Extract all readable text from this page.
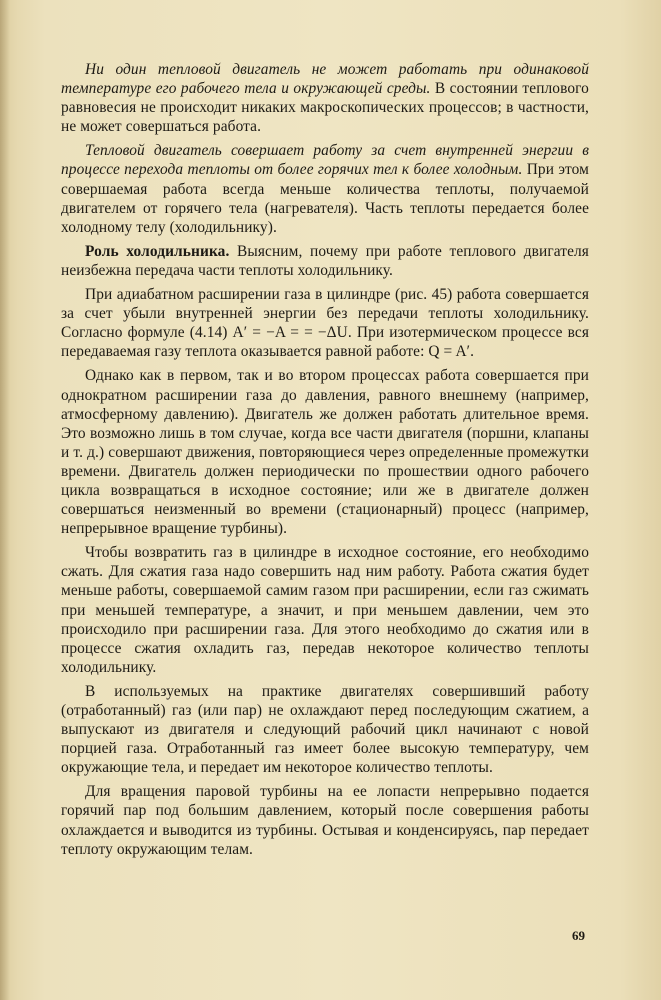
Ни один тепловой двигатель не может работать при одинаковой температуре его рабочего тела и окружающей среды. В состоянии теплового равновесия не происходит никаких макроскопических процессов; в частности, не может совершаться работа.

Тепловой двигатель совершает работу за счет внутренней энергии в процессе перехода теплоты от более горячих тел к более холодным. При этом совершаемая работа всегда меньше количества теплоты, получаемой двигателем от горячего тела (нагревателя). Часть теплоты передается более холодному телу (холодильнику).

Роль холодильника. Выясним, почему при работе теплового двигателя неизбежна передача части теплоты холодильнику.

При адиабатном расширении газа в цилиндре (рис. 45) работа совершается за счет убыли внутренней энергии без передачи теплоты холодильнику. Согласно формуле (4.14) A′ = −A = = −ΔU. При изотермическом процессе вся передаваемая газу теплота оказывается равной работе: Q = A′.

Однако как в первом, так и во втором процессах работа совершается при однократном расширении газа до давления, равного внешнему (например, атмосферному давлению). Двигатель же должен работать длительное время. Это возможно лишь в том случае, когда все части двигателя (поршни, клапаны и т. д.) совершают движения, повторяющиеся через определенные промежутки времени. Двигатель должен периодически по прошествии одного рабочего цикла возвращаться в исходное состояние; или же в двигателе должен совершаться неизменный во времени (стационарный) процесс (например, непрерывное вращение турбины).

Чтобы возвратить газ в цилиндре в исходное состояние, его необходимо сжать. Для сжатия газа надо совершить над ним работу. Работа сжатия будет меньше работы, совершаемой самим газом при расширении, если газ сжимать при меньшей температуре, а значит, и при меньшем давлении, чем это происходило при расширении газа. Для этого необходимо до сжатия или в процессе сжатия охладить газ, передав некоторое количество теплоты холодильнику.

В используемых на практике двигателях совершивший работу (отработанный) газ (или пар) не охлаждают перед последующим сжатием, а выпускают из двигателя и следующий рабочий цикл начинают с новой порцией газа. Отработанный газ имеет более высокую температуру, чем окружающие тела, и передает им некоторое количество теплоты.

Для вращения паровой турбины на ее лопасти непрерывно подается горячий пар под большим давлением, который после совершения работы охлаждается и выводится из турбины. Остывая и конденсируясь, пар передает теплоту окружающим телам.

69
